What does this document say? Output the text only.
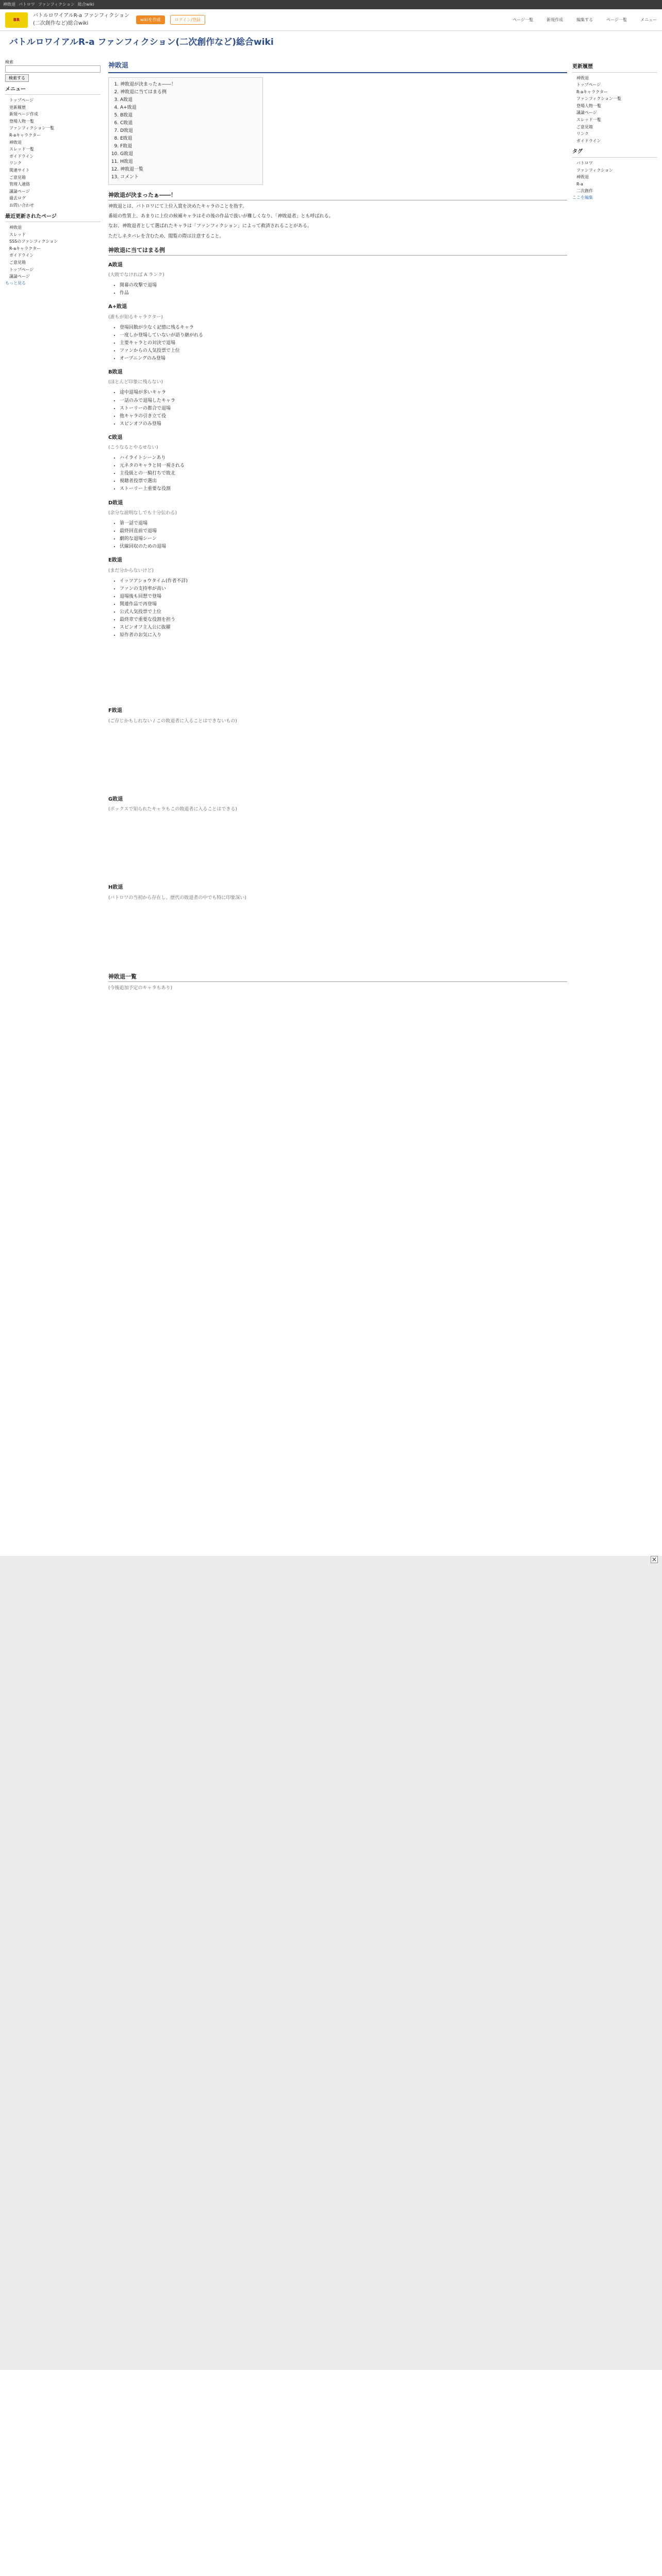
神敗退 パトロワ ファンフィクション 総合wiki
BR
バトルロワイアルR-a ファンフィクション(二次創作など)総合wiki
wikiを作成	ログイン/登録	ページ一覧	新規作成	編集する	ページ一覧	メニュー
バトルロワイアルR-a ファンフィクション(二次創作など)総合wiki
検索
検索する
メニュー
トップページ
更新履歴
新規ページ作成
登場人物一覧
ファンフィクション一覧
R-aキャラクター
神敗退
スレッド一覧
ガイドライン
リンク
関連サイト
ご意見箱
管理人連絡
議論ページ
過去ログ
お問い合わせ
最近更新されたページ
神敗退
スレッド
SSSのファンフィクション
R-aキャラクター
ガイドライン
ご意見箱
トップページ
議論ページ
もっと見る
神敗退
1. 神敗退が決まったぁ――！
2. 神敗退に当てはまる例
3. A敗退
4. A+敗退
5. B敗退
6. C敗退
7. D敗退
8. E敗退
9. F敗退
10. G敗退
11. H敗退
12. 神敗退一覧
13. コメント
神敗退が決まったぁ――！

神敗退とは、バトロワにて上位入賞を決めたキャラのことを指す。

番組の性質上、あまりに上位の候補キャラはその後の作品で扱いが難しくなり、「神敗退者」とも呼ばれる。

なお、神敗退者として選ばれたキャラは「ファンフィクション」によって救済されることがある。

ただしネタバレを含むため、閲覧の際は注意すること。

神敗退に当てはまる例
A敗退

(大敗でなければ A ランク)

• 開幕の攻撃で退場
• 作品
A+敗退

(誰もが知るキャラクター)

• 登場回数が少なく記憶に残るキャラ
• 一度しか登場していないが語り継がれる
• 主要キャラとの対決で退場
• ファンからの人気投票で上位
• オープニングのみ登場
B敗退

(ほとんど印象に残らない)

• 途中退場が多いキャラ
• 一話のみで退場したキャラ
• ストーリーの都合で退場
• 他キャラの引き立て役
• スピンオフのみ登場
C敗退

(こうなるとやるせない)

• ハイライトシーンあり
• 元ネタのキャラと同一視される
• 主役級との一騎打ちで敗北
• 視聴者投票で選出
• ストーリー上重要な役割
D敗退

(余分な説明なしでも十分伝わる)

• 第一話で退場
• 最終回直前で退場
• 劇的な退場シーン
• 伏線回収のための退場
E敗退

(まだ分からないけど)

• イッツアショウタイム(作者不詳)
• ファンの支持率が高い
• 退場後も回想で登場
• 関連作品で再登場
• 公式人気投票で上位
• 最終章で重要な役割を担う
• スピンオフ主人公に抜擢
• 原作者のお気に入り
F敗退

(ご存じかもしれない / この敗退者に入ることはできないもの)

G敗退

(ボックスで知られたキャラもこの敗退者に入ることはできる)

H敗退

(バトロワの当初から存在し、歴代の敗退者の中でも特に印象深い)

神敗退一覧

(今後追加予定のキャラもあり)

更新履歴
神敗退
トップページ
R-aキャラクター
ファンフィクション一覧
登場人物一覧
議論ページ
スレッド一覧
ご意見箱
リンク
ガイドライン
タグ
バトロワ
ファンフィクション
神敗退
R-a
二次創作
ここを編集
×
